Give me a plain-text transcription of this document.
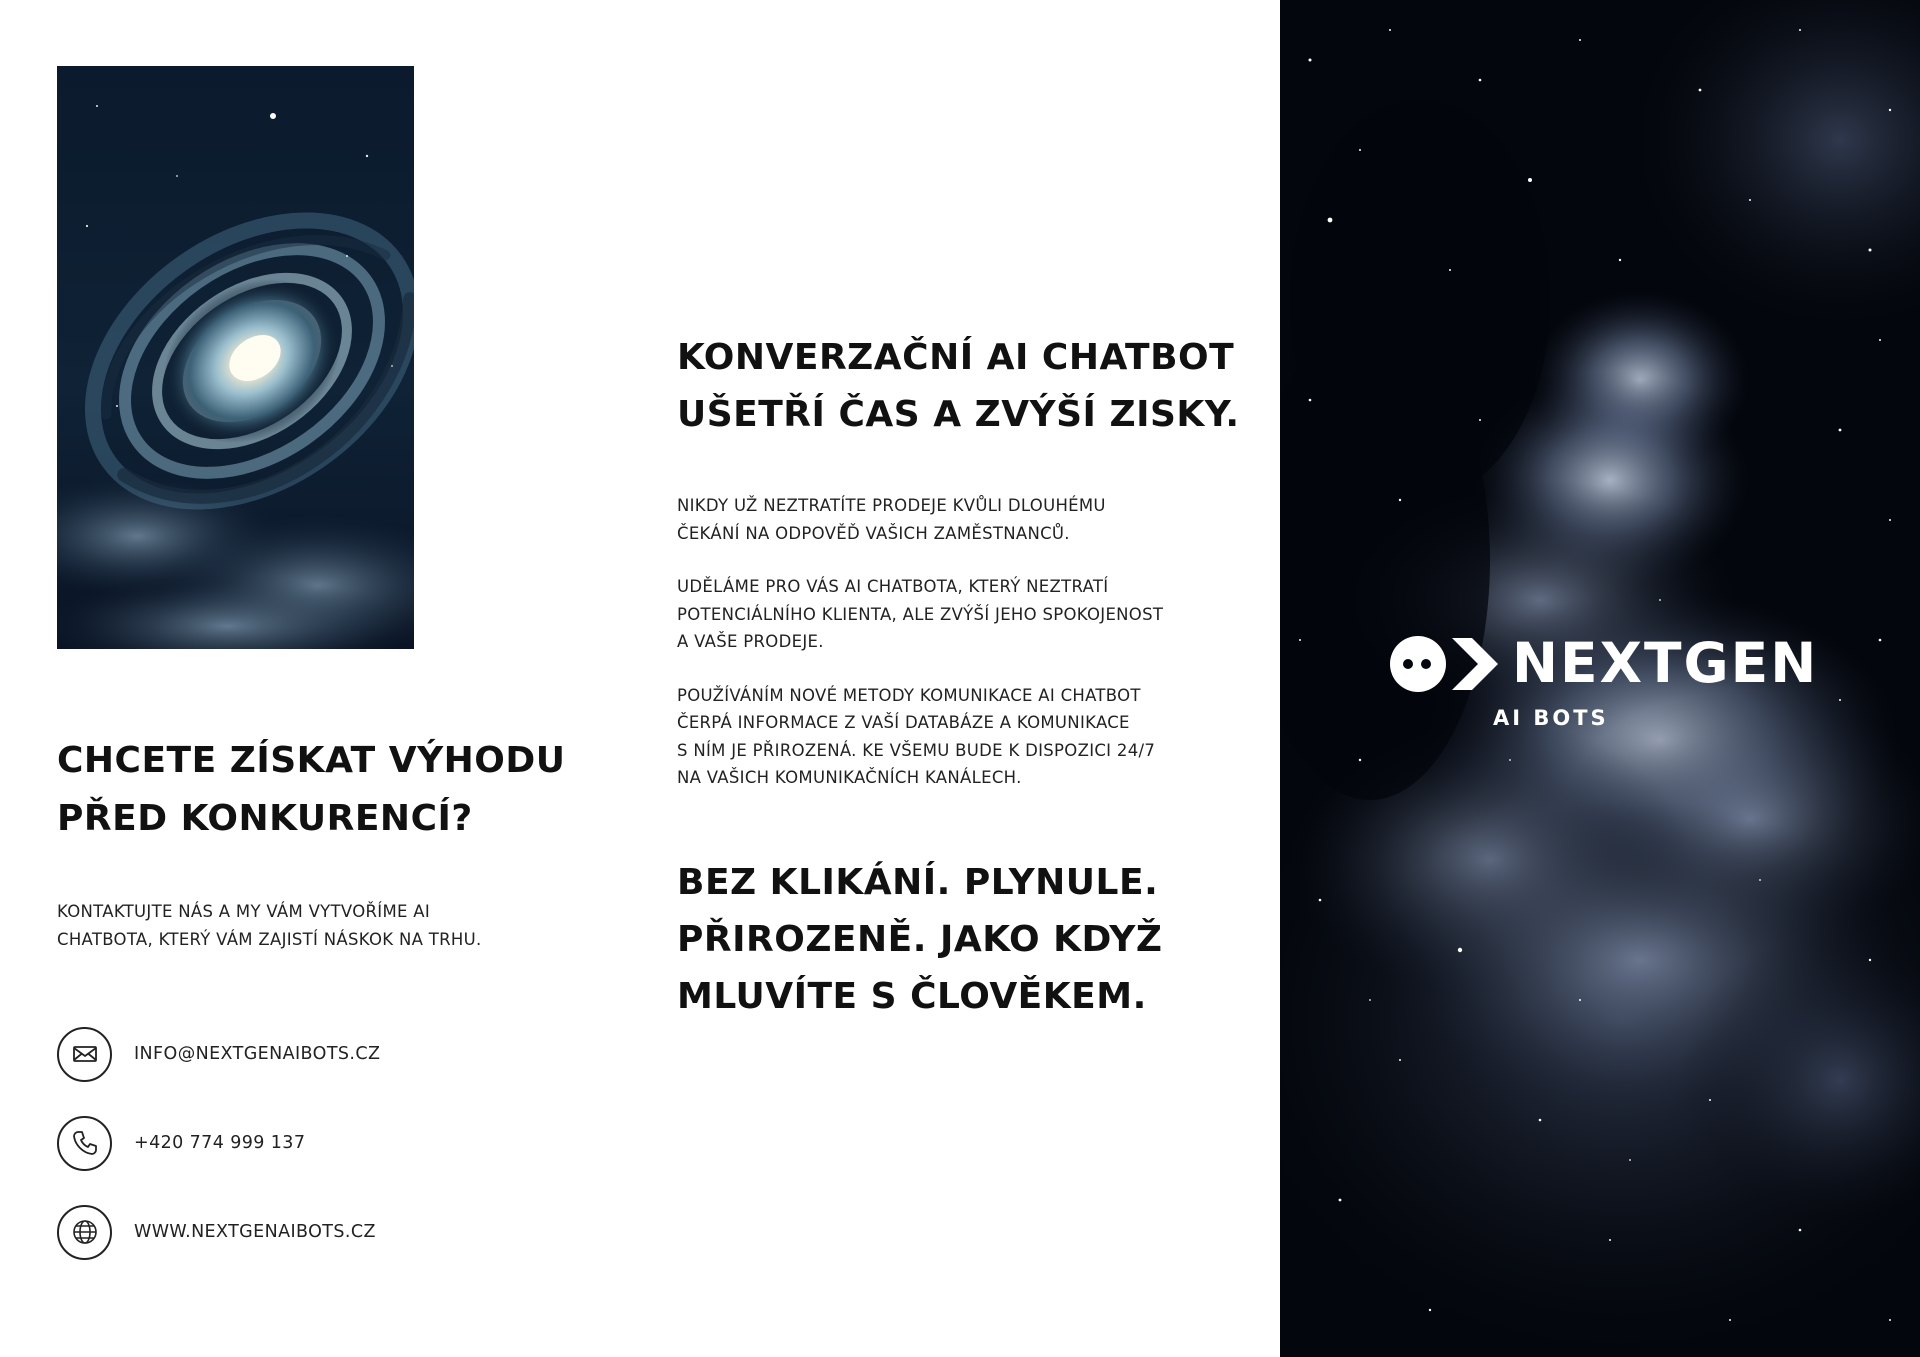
CHCETE ZÍSKAT VÝHODU
PŘED KONKURENCÍ?

KONTAKTUJTE NÁS A MY VÁM VYTVOŘÍME AI
CHATBOTA, KTERÝ VÁM ZAJISTÍ NÁSKOK NA TRHU.

INFO@NEXTGENAIBOTS.CZ
+420 774 999 137
WWW.NEXTGENAIBOTS.CZ
KONVERZAČNÍ AI CHATBOT
UŠETŘÍ ČAS A ZVÝŠÍ ZISKY.

NIKDY UŽ NEZTRATÍTE PRODEJE KVŮLI DLOUHÉMU
ČEKÁNÍ NA ODPOVĚĎ VAŠICH ZAMĚSTNANCŮ.

UDĚLÁME PRO VÁS AI CHATBOTA, KTERÝ NEZTRATÍ
POTENCIÁLNÍHO KLIENTA, ALE ZVÝŠÍ JEHO SPOKOJENOST
A VAŠE PRODEJE.

POUŽÍVÁNÍM NOVÉ METODY KOMUNIKACE AI CHATBOT
ČERPÁ INFORMACE Z VAŠÍ DATABÁZE A KOMUNIKACE
S NÍM JE PŘIROZENÁ. KE VŠEMU BUDE K DISPOZICI 24/7
NA VAŠICH KOMUNIKAČNÍCH KANÁLECH.

BEZ KLIKÁNÍ. PLYNULE.
PŘIROZENĚ. JAKO KDYŽ
MLUVÍTE S ČLOVĚKEM.
NEXTGEN
AI BOTS
